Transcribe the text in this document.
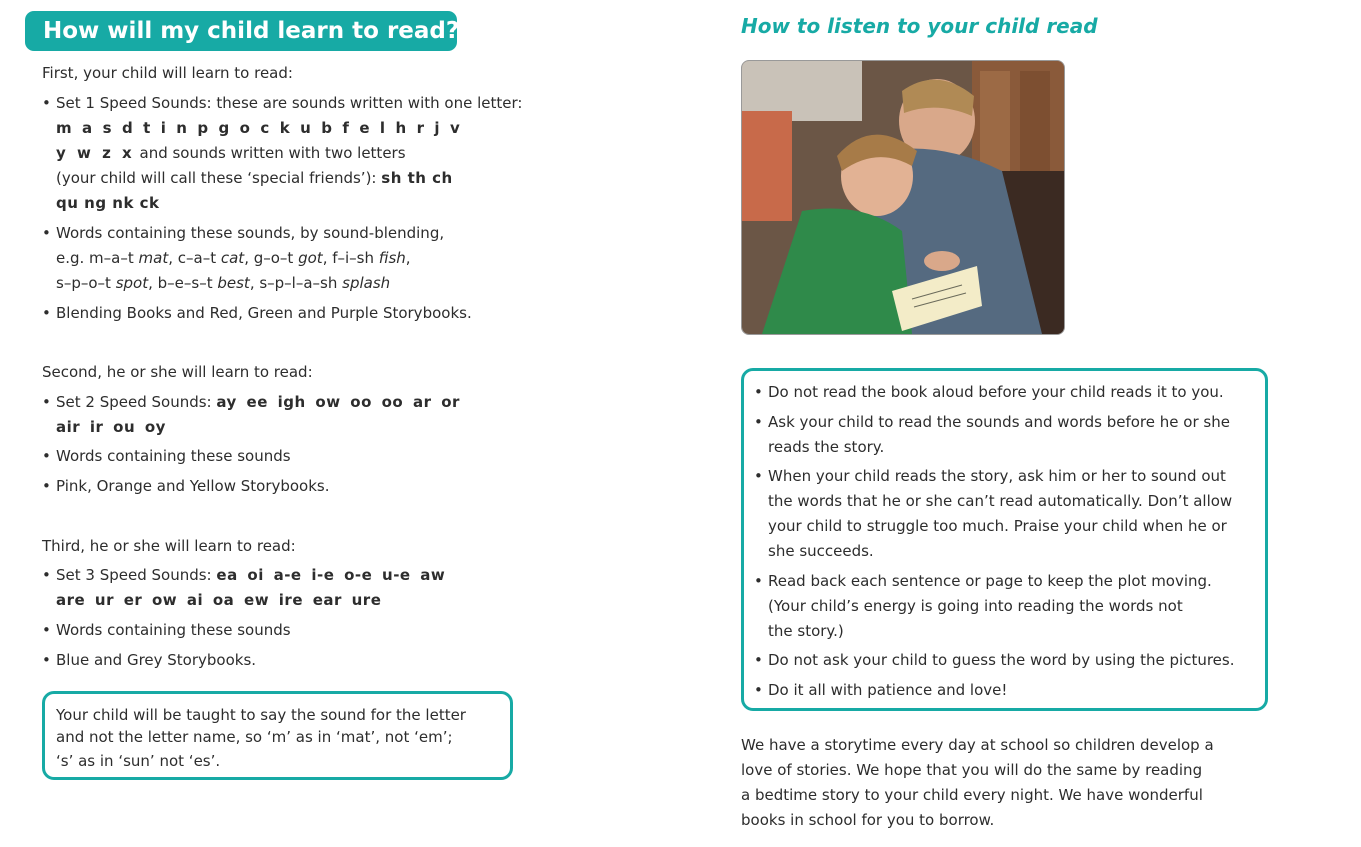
How will my child learn to read?
First, your child will learn to read:
• Set 1 Speed Sounds: these are sounds written with one letter:
m a s d t i n p g o c k u b f e l h r j v
y w z x and sounds written with two letters
(your child will call these ‘special friends’): sh th ch
qu ng nk ck
• Words containing these sounds, by sound-blending,
e.g. m–a–t mat, c–a–t cat, g–o–t got, f–i–sh fish,
s–p–o–t spot, b–e–s–t best, s–p–l–a–sh splash
• Blending Books and Red, Green and Purple Storybooks.
Second, he or she will learn to read:
• Set 2 Speed Sounds: ay ee igh ow oo oo ar or
air ir ou oy
• Words containing these sounds
• Pink, Orange and Yellow Storybooks.
Third, he or she will learn to read:
• Set 3 Speed Sounds: ea oi a-e i-e o-e u-e aw
are ur er ow ai oa ew ire ear ure
• Words containing these sounds
• Blue and Grey Storybooks.
Your child will be taught to say the sound for the letter
and not the letter name, so ‘m’ as in ‘mat’, not ‘em’;
‘s’ as in ‘sun’ not ‘es’.
How to listen to your child read
• Do not read the book aloud before your child reads it to you.
• Ask your child to read the sounds and words before he or she
reads the story.
• When your child reads the story, ask him or her to sound out
the words that he or she can’t read automatically. Don’t allow
your child to struggle too much. Praise your child when he or
she succeeds.
• Read back each sentence or page to keep the plot moving.
(Your child’s energy is going into reading the words not
the story.)
• Do not ask your child to guess the word by using the pictures.
• Do it all with patience and love!
We have a storytime every day at school so children develop a
love of stories. We hope that you will do the same by reading
a bedtime story to your child every night. We have wonderful
books in school for you to borrow.
